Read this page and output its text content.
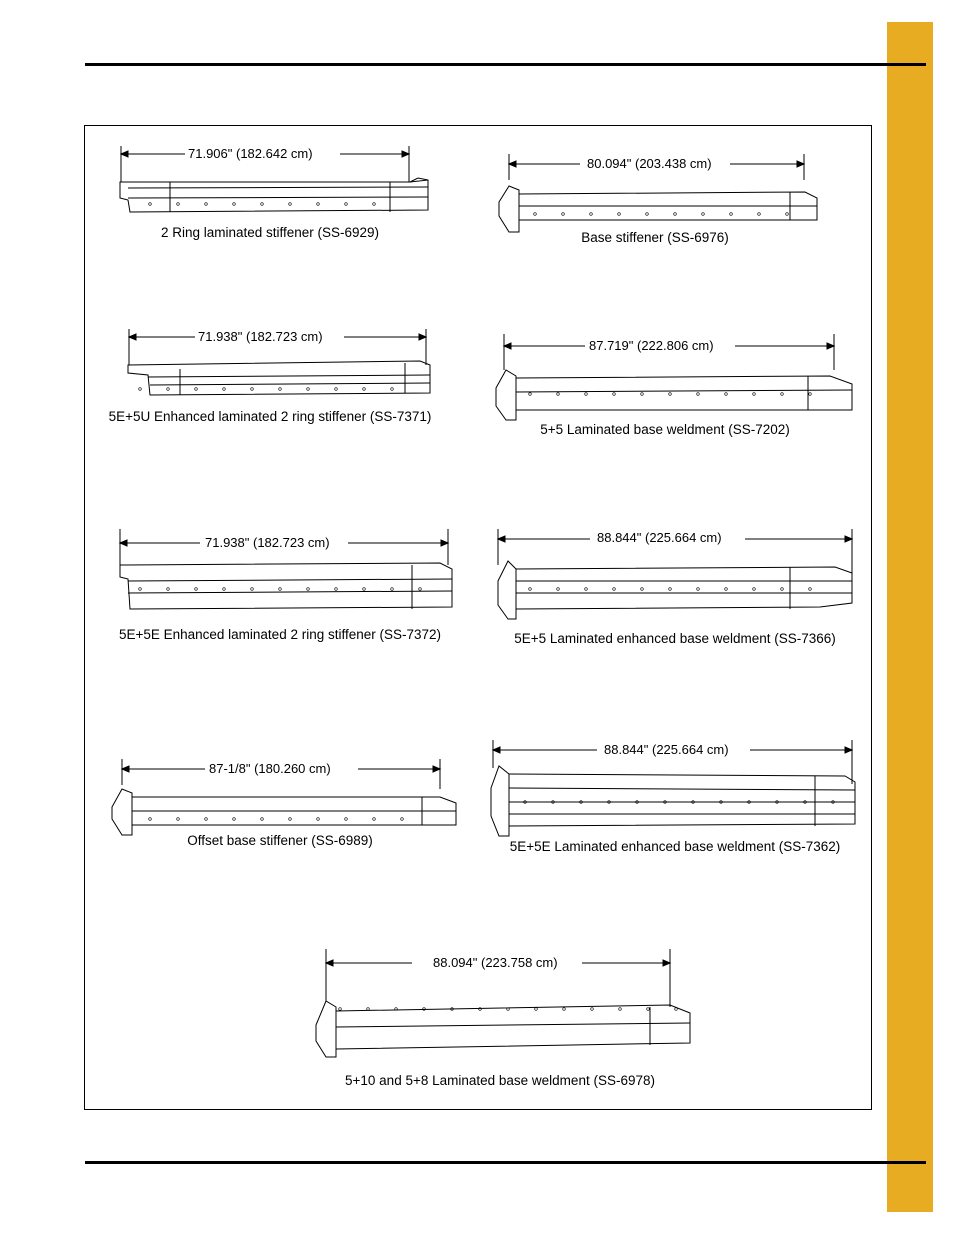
71.906" (182.642 cm)
2 Ring laminated stiffener (SS-6929)	Base stiffener (SS-6976)
80.094" (203.438 cm)
71.938" (182.723 cm)
5E+5U Enhanced laminated 2 ring stiffener (SS-7371)
87.719" (222.806 cm)
5+5 Laminated base weldment (SS-7202)
71.938" (182.723 cm)
5E+5E Enhanced laminated 2 ring stiffener (SS-7372)
88.844" (225.664 cm)
5E+5 Laminated enhanced base weldment (SS-7366)
87-1/8" (180.260 cm)
Offset base stiffener (SS-6989)
88.844" (225.664 cm)
5E+5E Laminated enhanced base weldment (SS-7362)
88.094" (223.758 cm)
5+10 and 5+8 Laminated base weldment (SS-6978)
